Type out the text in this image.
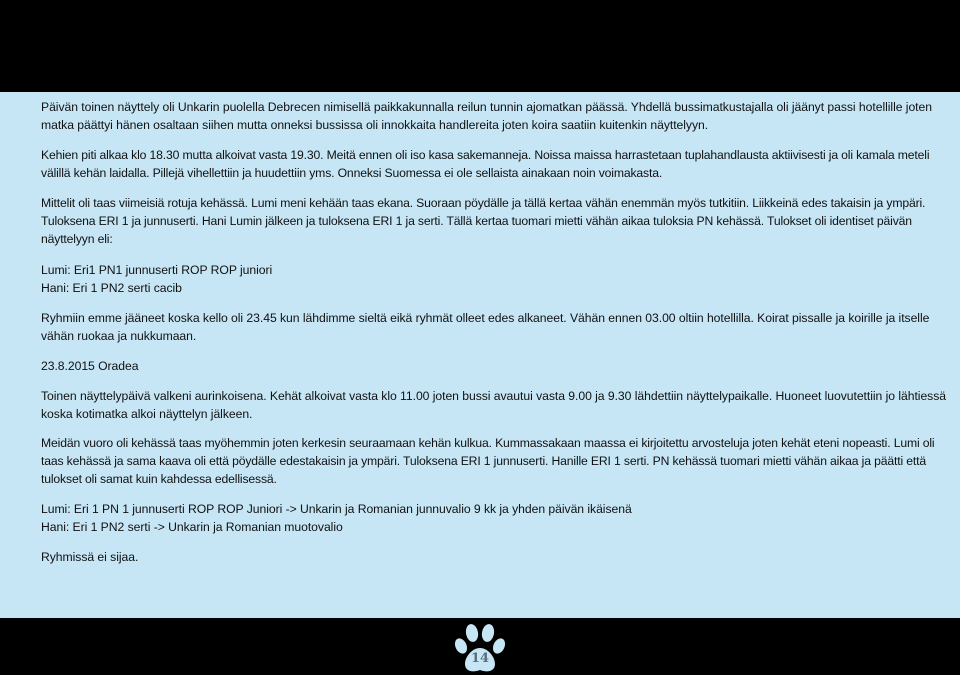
Päivän toinen näyttely oli Unkarin puolella Debrecen nimisellä paikkakunnalla reilun tunnin ajomatkan päässä. Yhdellä bussimatkustajalla oli jäänyt passi hotellille joten matka päättyi hänen osaltaan siihen mutta onneksi bussissa oli innokkaita handlereita joten koira saatiin kuitenkin näyttelyyn.

Kehien piti alkaa klo 18.30 mutta alkoivat vasta 19.30. Meitä ennen oli iso kasa sakemanneja. Noissa maissa harrastetaan tuplahandlausta aktiivisesti ja oli kamala meteli välillä kehän laidalla. Pillejä vihellettiin ja huudettiin yms. Onneksi Suomessa ei ole sellaista ainakaan noin voimakasta.

Mittelit oli taas viimeisiä rotuja kehässä. Lumi meni kehään taas ekana. Suoraan pöydälle ja tällä kertaa vähän enemmän myös tutkitiin. Liikkeinä edes takaisin ja ympäri. Tuloksena ERI 1 ja junnuserti. Hani Lumin jälkeen ja tuloksena ERI 1 ja serti. Tällä kertaa tuomari mietti vähän aikaa tuloksia PN kehässä. Tulokset oli identiset päivän näyttelyyn eli:

Lumi: Eri1 PN1 junnuserti ROP ROP juniori

Hani: Eri 1 PN2 serti cacib

Ryhmiin emme jääneet koska kello oli 23.45 kun lähdimme sieltä eikä ryhmät olleet edes alkaneet. Vähän ennen 03.00 oltiin hotellilla. Koirat pissalle ja koirille ja itselle vähän ruokaa ja nukkumaan.

23.8.2015 Oradea

Toinen näyttelypäivä valkeni aurinkoisena. Kehät alkoivat vasta klo 11.00 joten bussi avautui vasta 9.00 ja 9.30 lähdettiin näyttelypaikalle. Huoneet luovutettiin jo lähtiessä koska kotimatka alkoi näyttelyn jälkeen.

Meidän vuoro oli kehässä taas myöhemmin joten kerkesin seuraamaan kehän kulkua. Kummassakaan maassa ei kirjoitettu arvosteluja joten kehät eteni nopeasti. Lumi oli taas kehässä ja sama kaava oli että pöydälle edestakaisin ja ympäri. Tuloksena ERI 1 junnuserti. Hanille ERI 1 serti. PN kehässä tuomari mietti vähän aikaa ja päätti että tulokset oli samat kuin kahdessa edellisessä.

Lumi: Eri 1 PN 1 junnuserti ROP ROP Juniori -> Unkarin ja Romanian junnuvalio 9 kk ja yhden päivän ikäisenä

Hani: Eri 1 PN2 serti -> Unkarin ja Romanian muotovalio

Ryhmissä ei sijaa.

14
